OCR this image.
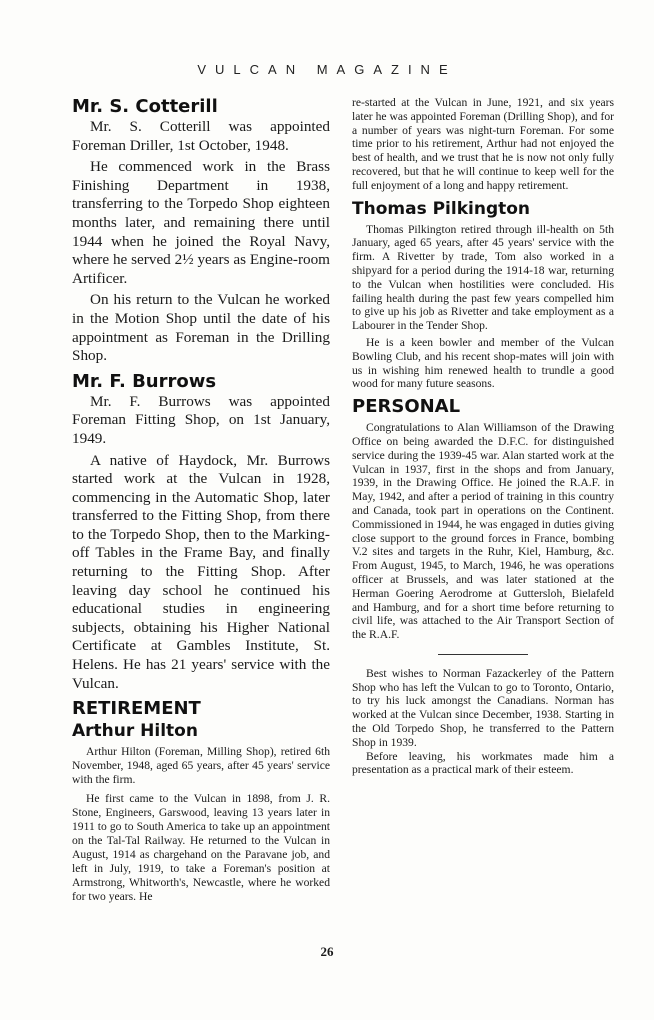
VULCAN MAGAZINE
Mr. S. Cotterill

Mr. S. Cotterill was appointed Foreman Driller, 1st October, 1948.

He commenced work in the Brass Finishing Department in 1938, transferring to the Torpedo Shop eighteen months later, and remaining there until 1944 when he joined the Royal Navy, where he served 2½ years as Engine-room Artificer.

On his return to the Vulcan he worked in the Motion Shop until the date of his appointment as Foreman in the Drilling Shop.

Mr. F. Burrows

Mr. F. Burrows was appointed Foreman Fitting Shop, on 1st January, 1949.

A native of Haydock, Mr. Burrows started work at the Vulcan in 1928, commencing in the Automatic Shop, later transferred to the Fitting Shop, from there to the Torpedo Shop, then to the Marking-off Tables in the Frame Bay, and finally returning to the Fitting Shop. After leaving day school he continued his educational studies in engineering subjects, obtaining his Higher National Certificate at Gambles Institute, St. Helens. He has 21 years' service with the Vulcan.

RETIREMENT
Arthur Hilton

Arthur Hilton (Foreman, Milling Shop), retired 6th November, 1948, aged 65 years, after 45 years' service with the firm.

He first came to the Vulcan in 1898, from J. R. Stone, Engineers, Garswood, leaving 13 years later in 1911 to go to South America to take up an appointment on the Tal-Tal Railway. He returned to the Vulcan in August, 1914 as chargehand on the Paravane job, and left in July, 1919, to take a Foreman's position at Armstrong, Whitworth's, Newcastle, where he worked for two years. He

re-started at the Vulcan in June, 1921, and six years later he was appointed Foreman (Drilling Shop), and for a number of years was night-turn Foreman. For some time prior to his retirement, Arthur had not enjoyed the best of health, and we trust that he is now not only fully recovered, but that he will continue to keep well for the full enjoyment of a long and happy retirement.

Thomas Pilkington

Thomas Pilkington retired through ill-health on 5th January, aged 65 years, after 45 years' service with the firm. A Rivetter by trade, Tom also worked in a shipyard for a period during the 1914-18 war, returning to the Vulcan when hostilities were concluded. His failing health during the past few years compelled him to give up his job as Rivetter and take employment as a Labourer in the Tender Shop.

He is a keen bowler and member of the Vulcan Bowling Club, and his recent shop-mates will join with us in wishing him renewed health to trundle a good wood for many future seasons.

PERSONAL

Congratulations to Alan Williamson of the Drawing Office on being awarded the D.F.C. for distinguished service during the 1939-45 war. Alan started work at the Vulcan in 1937, first in the shops and from January, 1939, in the Drawing Office. He joined the R.A.F. in May, 1942, and after a period of training in this country and Canada, took part in operations on the Continent. Commissioned in 1944, he was engaged in duties giving close support to the ground forces in France, bombing V.2 sites and targets in the Ruhr, Kiel, Hamburg, &c. From August, 1945, to March, 1946, he was operations officer at Brussels, and was later stationed at the Herman Goering Aerodrome at Guttersloh, Bielafeld and Hamburg, and for a short time before returning to civil life, was attached to the Air Transport Section of the R.A.F.

Best wishes to Norman Fazackerley of the Pattern Shop who has left the Vulcan to go to Toronto, Ontario, to try his luck amongst the Canadians. Norman has worked at the Vulcan since December, 1938. Starting in the Old Torpedo Shop, he transferred to the Pattern Shop in 1939.

Before leaving, his workmates made him a presentation as a practical mark of their esteem.

26
